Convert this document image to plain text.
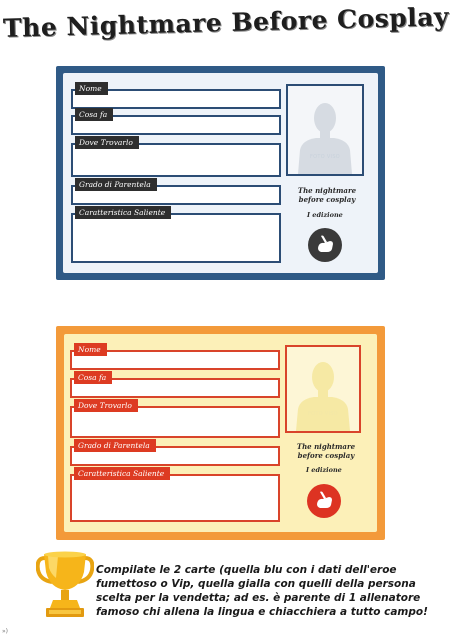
The Nightmare Before Cosplay
Nome
Cosa fa
Dove Trovarlo
Grado di Parentela
Caratteristica Saliente
FOTO VISO
The nightmare
before cosplay
I edizione
Nome
Cosa fa
Dove Trovarlo
Grado di Parentela
Caratteristica Saliente
FOTO VISO
The nightmare
before cosplay
I edizione
Compilate le 2 carte (quella blu con i dati dell'eroe fumettoso o Vip, quella gialla con quelli della persona scelta per la vendetta; ad es. è parente di 1 allenatore famoso chi allena la lingua e chiacchiera a tutto campo!
»)
